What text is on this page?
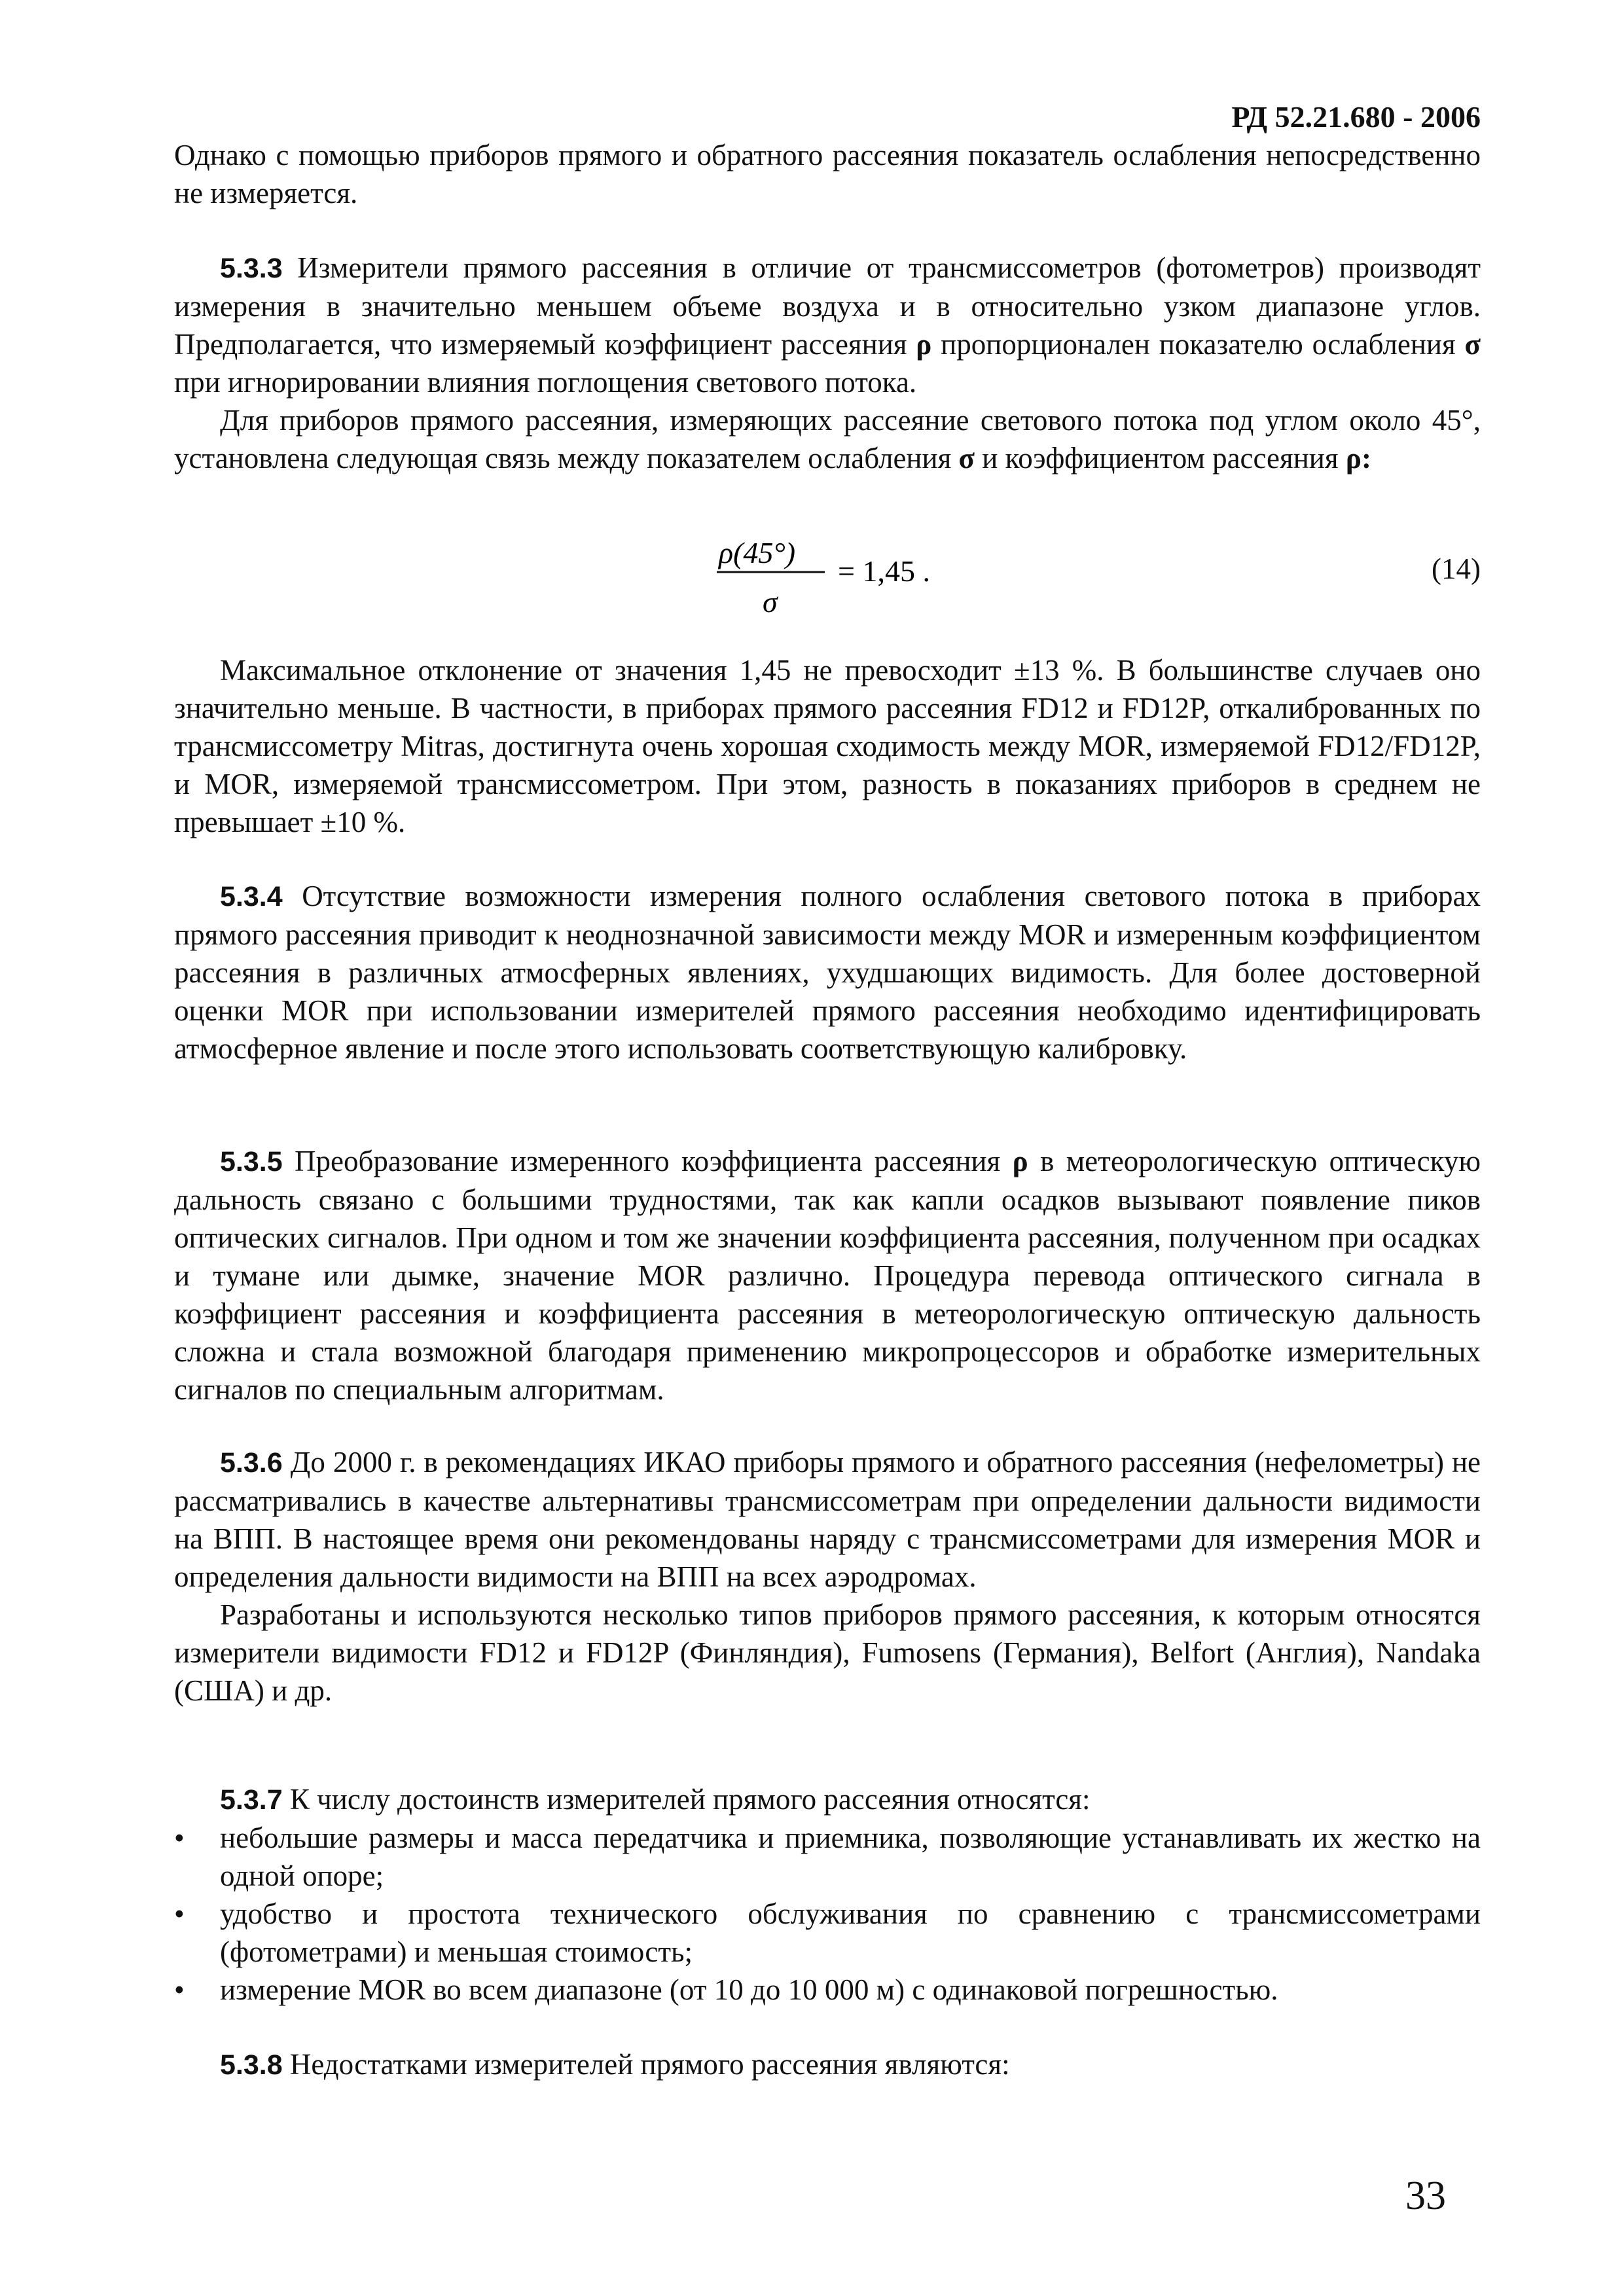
РД 52.21.680 - 2006

Однако с помощью приборов прямого и обратного рассеяния показатель ослабления непосредственно не измеряется.

5.3.3 Измерители прямого рассеяния в отличие от трансмиссометров (фотометров) производят измерения в значительно меньшем объеме воздуха и в относительно узком диапазоне углов. Предполагается, что измеряемый коэффициент рассеяния ρ пропорционален показателю ослабления σ при игнорировании влияния поглощения светового потока.

Для приборов прямого рассеяния, измеряющих рассеяние светового потока под углом около 45°, установлена следующая связь между показателем ослабления σ и коэффициентом рассеяния ρ:

ρ(45°)
= 1,45 .
σ
(14)

Максимальное отклонение от значения 1,45 не превосходит ±13 %. В большинстве случаев оно значительно меньше. В частности, в приборах прямого рассеяния FD12 и FD12P, откалиброванных по трансмиссометру Mitras, достигнута очень хорошая сходимость между MOR, измеряемой FD12/FD12P, и MOR, измеряемой трансмиссометром. При этом, разность в показаниях приборов в среднем не превышает ±10 %.

5.3.4 Отсутствие возможности измерения полного ослабления светового потока в приборах прямого рассеяния приводит к неоднозначной зависимости между MOR и измеренным коэффициентом рассеяния в различных атмосферных явлениях, ухудшающих видимость. Для более достоверной оценки MOR при использовании измерителей прямого рассеяния необходимо идентифицировать атмосферное явление и после этого использовать соответствующую калибровку.

5.3.5 Преобразование измеренного коэффициента рассеяния ρ в метеорологическую оптическую дальность связано с большими трудностями, так как капли осадков вызывают появление пиков оптических сигналов. При одном и том же значении коэффициента рассеяния, полученном при осадках и тумане или дымке, значение MOR различно. Процедура перевода оптического сигнала в коэффициент рассеяния и коэффициента рассеяния в метеорологическую оптическую дальность сложна и стала возможной благодаря применению микропроцессоров и обработке измерительных сигналов по специальным алгоритмам.

5.3.6 До 2000 г. в рекомендациях ИКАО приборы прямого и обратного рассеяния (нефелометры) не рассматривались в качестве альтернативы трансмиссометрам при определении дальности видимости на ВПП. В настоящее время они рекомендованы наряду с трансмиссометрами для измерения MOR и определения дальности видимости на ВПП на всех аэродромах.

Разработаны и используются несколько типов приборов прямого рассеяния, к которым относятся измерители видимости FD12 и FD12P (Финляндия), Fumosens (Германия), Belfort (Англия), Nandaka (США) и др.

5.3.7 К числу достоинств измерителей прямого рассеяния относятся:

•	небольшие размеры и масса передатчика и приемника, позволяющие устанавливать их жестко на одной опоре;
•	удобство и простота технического обслуживания по сравнению с трансмиссометрами (фотометрами) и меньшая стоимость;
•	измерение MOR во всем диапазоне (от 10 до 10 000 м) с одинаковой погрешностью.

5.3.8 Недостатками измерителей прямого рассеяния являются:

33
